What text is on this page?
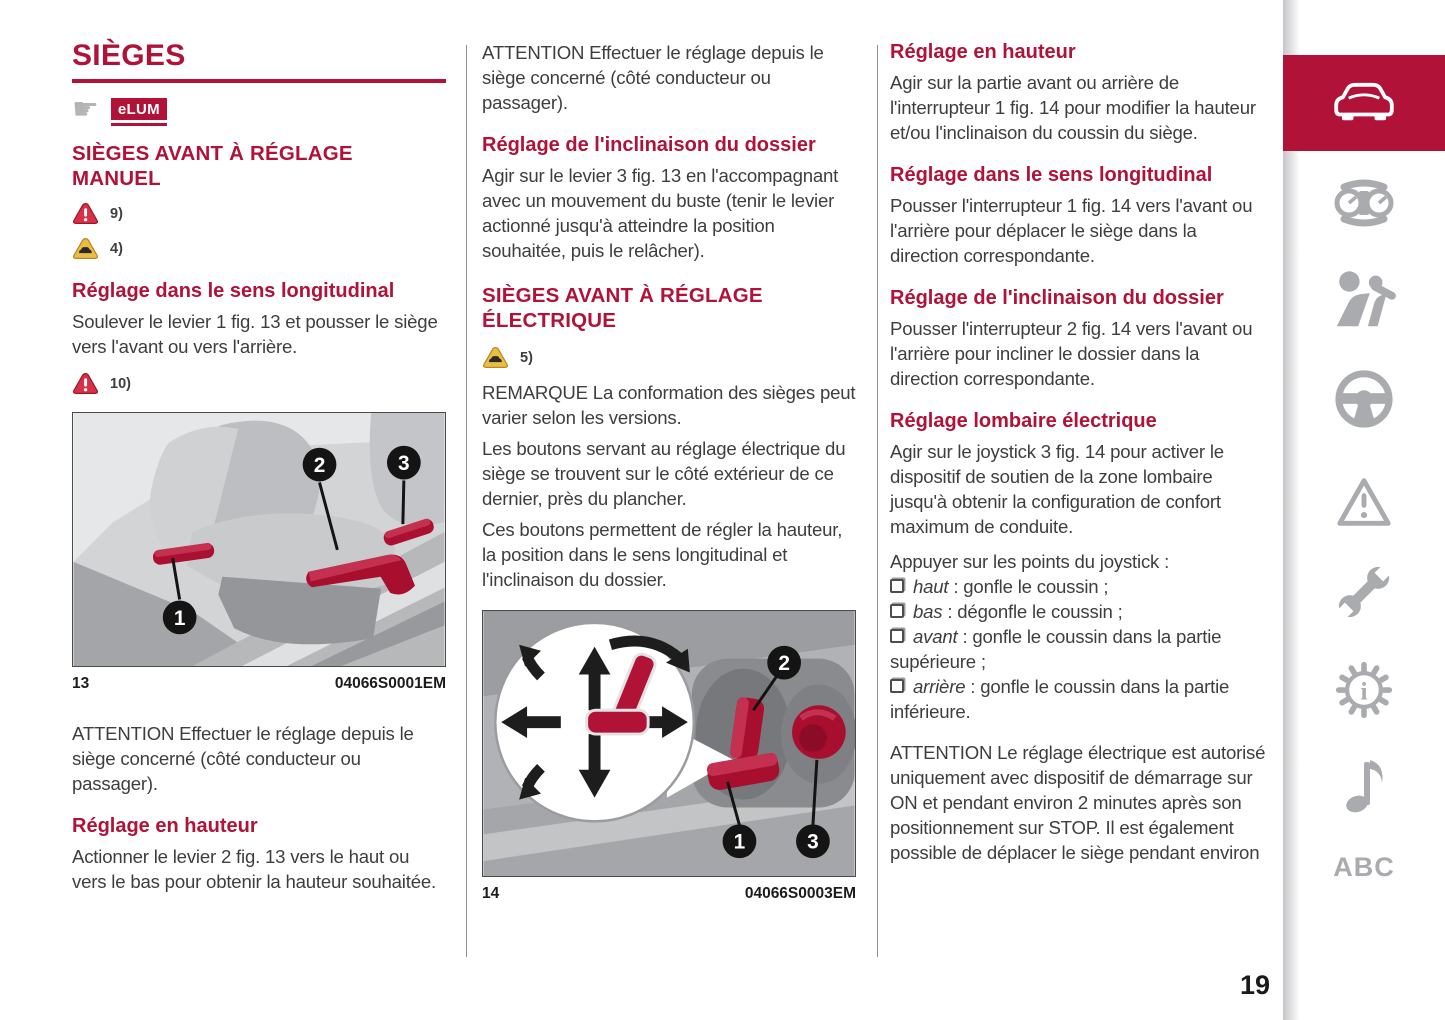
SIÈGES
☛	eLUM
SIÈGES AVANT À RÉGLAGE MANUEL
9)
4)
Réglage dans le sens longitudinal
Soulever le levier 1 fig. 13 et pousser le siège vers l'avant ou vers l'arrière.
10)
1
2	3
13	04066S0001EM
ATTENTION Effectuer le réglage depuis le siège concerné (côté conducteur ou passager).
Réglage en hauteur
Actionner le levier 2 fig. 13 vers le haut ou vers le bas pour obtenir la hauteur souhaitée.
ATTENTION Effectuer le réglage depuis le siège concerné (côté conducteur ou passager).
Réglage de l'inclinaison du dossier
Agir sur le levier 3 fig. 13 en l'accompagnant avec un mouvement du buste (tenir le levier actionné jusqu'à atteindre la position souhaitée, puis le relâcher).
SIÈGES AVANT À RÉGLAGE ÉLECTRIQUE
5)
REMARQUE La conformation des sièges peut varier selon les versions.
Les boutons servant au réglage électrique du siège se trouvent sur le côté extérieur de ce dernier, près du plancher.
Ces boutons permettent de régler la hauteur, la position dans le sens longitudinal et l'inclinaison du dossier.
2
1	3
14	04066S0003EM
Réglage en hauteur
Agir sur la partie avant ou arrière de l'interrupteur 1 fig. 14 pour modifier la hauteur et/ou l'inclinaison du coussin du siège.
Réglage dans le sens longitudinal
Pousser l'interrupteur 1 fig. 14 vers l'avant ou l'arrière pour déplacer le siège dans la direction correspondante.
Réglage de l'inclinaison du dossier
Pousser l'interrupteur 2 fig. 14 vers l'avant ou l'arrière pour incliner le dossier dans la direction correspondante.
Réglage lombaire électrique
Agir sur le joystick 3 fig. 14 pour activer le dispositif de soutien de la zone lombaire jusqu'à obtenir la configuration de confort maximum de conduite.
Appuyer sur les points du joystick :
haut : gonfle le coussin ;
bas : dégonfle le coussin ;
avant : gonfle le coussin dans la partie supérieure ;
arrière : gonfle le coussin dans la partie inférieure.
ATTENTION Le réglage électrique est autorisé uniquement avec dispositif de démarrage sur ON et pendant environ 2 minutes après son positionnement sur STOP. Il est également possible de déplacer le siège pendant environ
i
ABC
19
